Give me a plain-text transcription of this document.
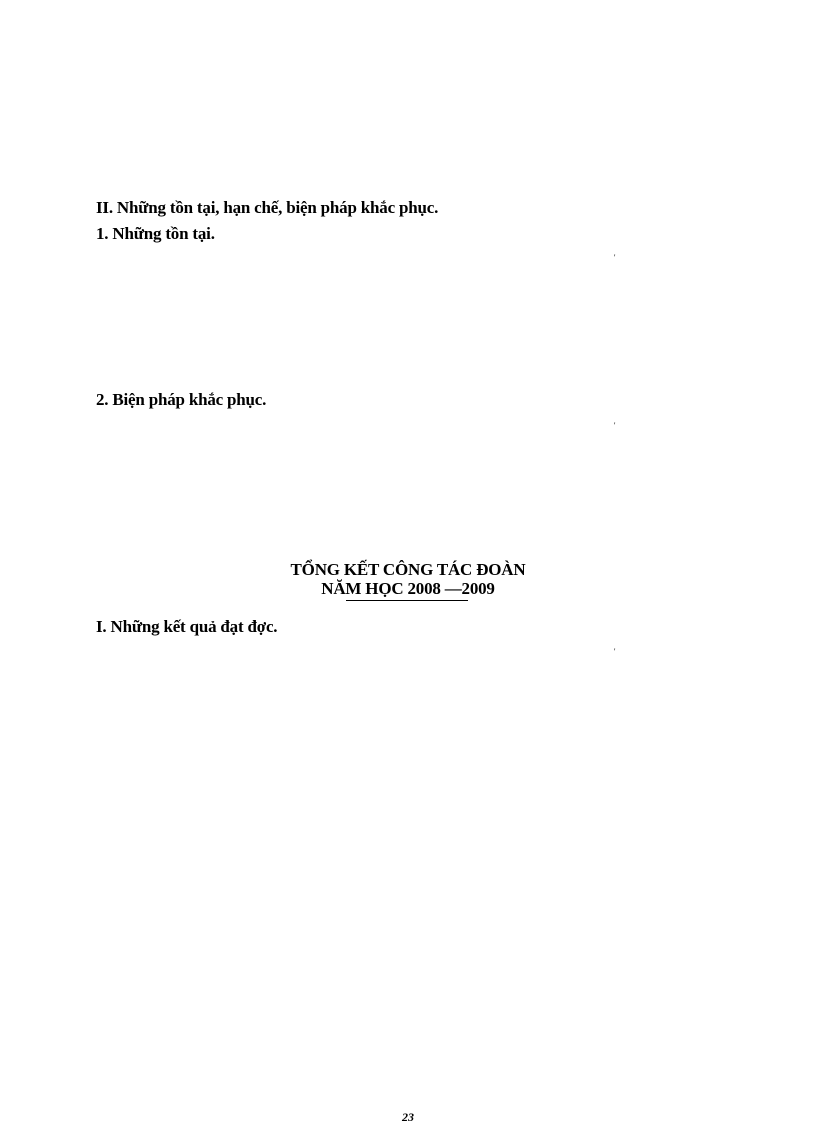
II. Những tồn tại, hạn chế, biện pháp khắc phục.
1. Những tồn tại.
'
2. Biện pháp khắc phục.
'
TỔNG KẾT CÔNG TÁC ĐOÀN
NĂM HỌC 2008 —2009
I. Những kết quả đạt đợc.
'
23
